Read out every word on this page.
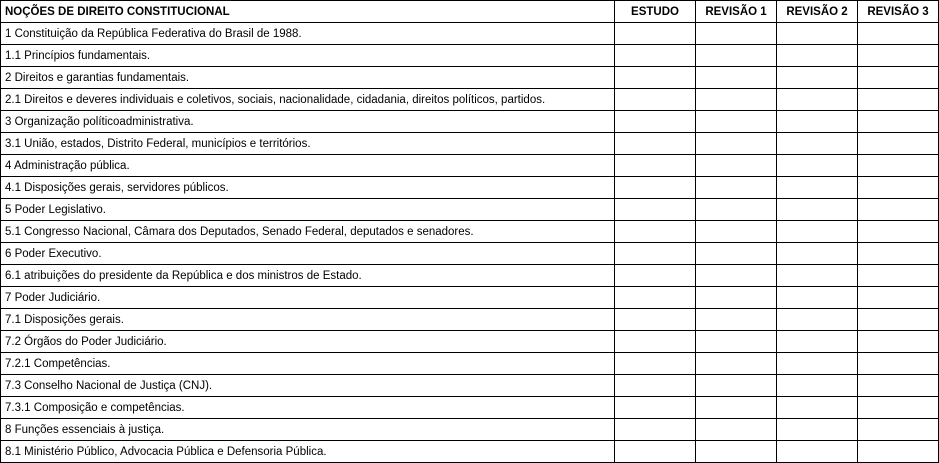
NOÇÕES DE DIREITO CONSTITUCIONAL	ESTUDO	REVISÃO 1	REVISÃO 2	REVISÃO 3
1 Constituição da República Federativa do Brasil de 1988.				
1.1 Princípios fundamentais.				
2 Direitos e garantias fundamentais.				
2.1 Direitos e deveres individuais e coletivos, sociais, nacionalidade, cidadania, direitos políticos, partidos.				
3 Organização políticoadministrativa.				
3.1 União, estados, Distrito Federal, municípios e territórios.				
4 Administração pública.				
4.1 Disposições gerais, servidores públicos.				
5 Poder Legislativo.				
5.1 Congresso Nacional, Câmara dos Deputados, Senado Federal, deputados e senadores.				
6 Poder Executivo.				
6.1 atribuições do presidente da República e dos ministros de Estado.				
7 Poder Judiciário.				
7.1 Disposições gerais.				
7.2 Órgãos do Poder Judiciário.				
7.2.1 Competências.				
7.3 Conselho Nacional de Justiça (CNJ).				
7.3.1 Composição e competências.				
8 Funções essenciais à justiça.				
8.1 Ministério Público, Advocacia Pública e Defensoria Pública.				
